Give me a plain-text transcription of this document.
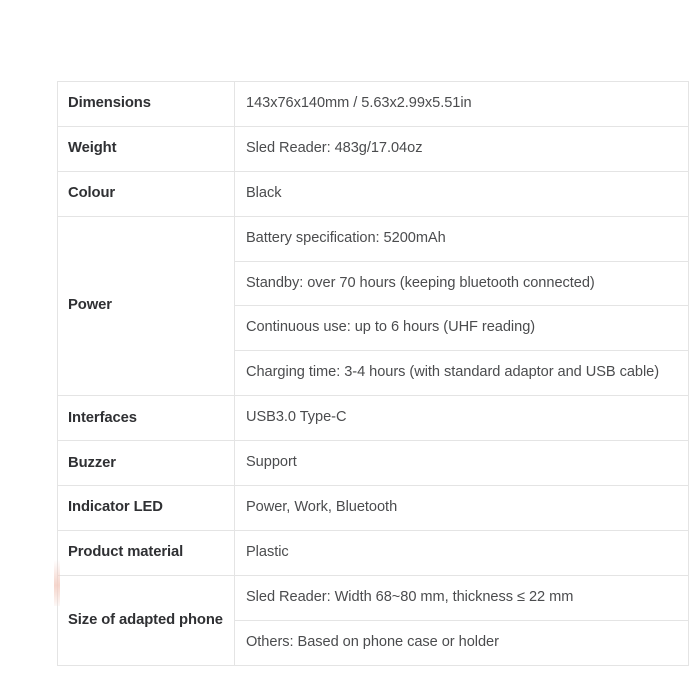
Dimensions	143x76x140mm / 5.63x2.99x5.51in
Weight	Sled Reader: 483g/17.04oz
Colour	Black
Power	Battery specification: 5200mAh
	Standby: over 70 hours (keeping bluetooth connected)
	Continuous use: up to 6 hours (UHF reading)
	Charging time: 3-4 hours (with standard adaptor and USB cable)
Interfaces	USB3.0 Type-C
Buzzer	Support
Indicator LED	Power, Work, Bluetooth
Product material	Plastic
Size of adapted phone	Sled Reader: Width 68~80 mm, thickness ≤ 22 mm
	Others: Based on phone case or holder
